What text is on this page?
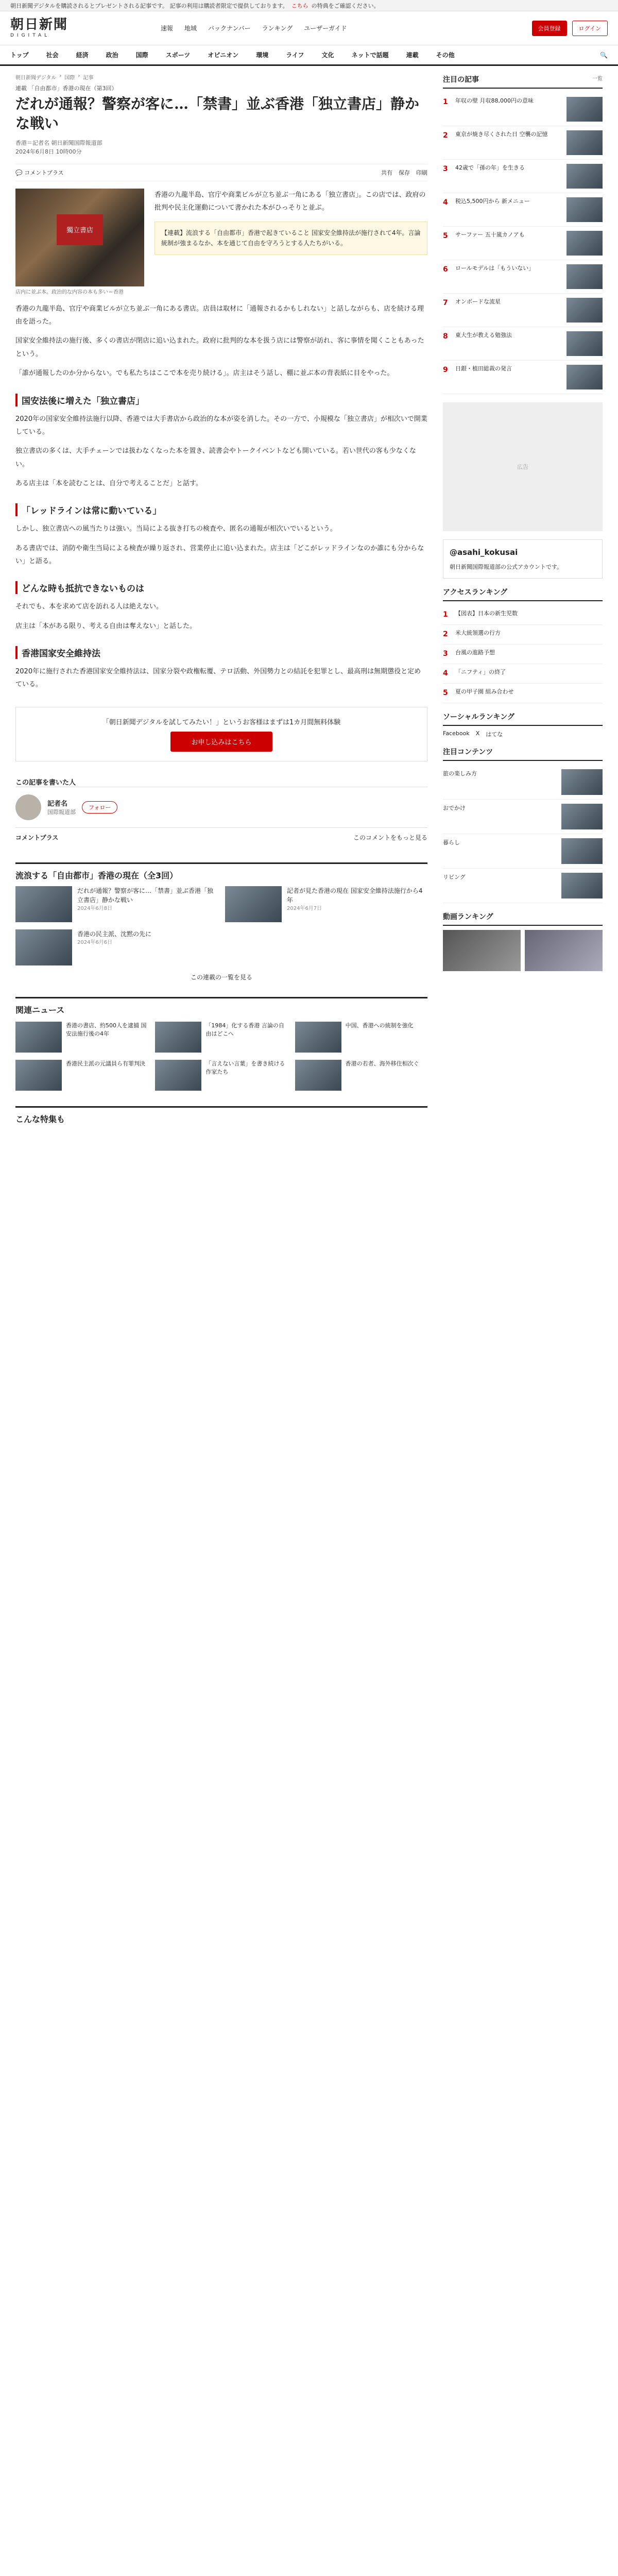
朝日新聞デジタルを購読されるとプレゼントされる記事です。 記事の利用は購読者限定で提供しております。 こちら の特典をご確認ください。
朝日新聞
DIGITAL
速報 地域 バックナンバー ランキング ユーザーガイド	会員登録	ログイン
トップ	社会	経済	政治	国際	スポーツ	オピニオン	環境	ライフ	文化	ネットで話題	連載	その他	🔍
朝日新聞デジタル › 国際 › 記事
連載 「自由都市」香港の現在（第3回）
だれが通報？警察が客に…「禁書」並ぶ香港「独立書店」静かな戦い
香港＝記者名 朝日新聞国際報道部
2024年6月8日 10時00分
💬 コメントプラス	共有 保存 印刷
獨立書店
店内に並ぶ本。政治的な内容の本も多い＝香港

香港の九龍半島、官庁や商業ビルが立ち並ぶ一角にある「独立書店」。この店では、政府の批判や民主化運動について書かれた本がひっそりと並ぶ。

【連載】流浪する「自由都市」香港で起きていること 国家安全維持法が施行されて4年。言論統制が強まるなか、本を通じて自由を守ろうとする人たちがいる。

香港の九龍半島、官庁や商業ビルが立ち並ぶ一角にある書店。店員は取材に「通報されるかもしれない」と話しながらも、店を続ける理由を語った。

国家安全維持法の施行後、多くの書店が閉店に追い込まれた。政府に批判的な本を扱う店には警察が訪れ、客に事情を聞くこともあったという。

「誰が通報したのか分からない。でも私たちはここで本を売り続ける」。店主はそう話し、棚に並ぶ本の背表紙に目をやった。

国安法後に増えた「独立書店」

2020年の国家安全維持法施行以降、香港では大手書店から政治的な本が姿を消した。その一方で、小規模な「独立書店」が相次いで開業している。

独立書店の多くは、大手チェーンでは扱わなくなった本を置き、読書会やトークイベントなども開いている。若い世代の客も少なくない。

ある店主は「本を読むことは、自分で考えることだ」と話す。

「レッドラインは常に動いている」

しかし、独立書店への風当たりは強い。当局による抜き打ちの検査や、匿名の通報が相次いでいるという。

ある書店では、消防や衛生当局による検査が繰り返され、営業停止に追い込まれた。店主は「どこがレッドラインなのか誰にも分からない」と語る。

どんな時も抵抗できないものは

それでも、本を求めて店を訪れる人は絶えない。

店主は「本がある限り、考える自由は奪えない」と話した。

香港国家安全維持法

2020年に施行された香港国家安全維持法は、国家分裂や政権転覆、テロ活動、外国勢力との結託を犯罪とし、最高刑は無期懲役と定めている。

「朝日新聞デジタルを試してみたい！」というお客様はまずは1カ月間無料体験
お申し込みはこちら
この記事を書いた人
記者名
国際報道部
フォロー
コメントプラス	このコメントをもっと見る
流浪する「自由都市」香港の現在（全3回）
だれが通報？警察が客に…「禁書」並ぶ香港「独立書店」静かな戦い
2024年6月8日
記者が見た香港の現在 国家安全維持法施行から4年
2024年6月7日
香港の民主派、沈黙の先に
2024年6月6日
この連載の一覧を見る
関連ニュース
香港の書店、約500人を逮捕 国安法施行後の4年
「1984」化する香港 言論の自由はどこへ
中国、香港への統制を強化
香港民主派の元議員ら有罪判決	「言えない言葉」を書き続ける作家たち
香港の若者、海外移住相次ぐ
こんな特集も
注目の記事	一覧
1	年収の壁 月収88,000円の意味
2	東京が焼き尽くされた日 空襲の記憶
3	42歳で「孫の年」を生きる
4	税込5,500円から 新メニュー
5	サーファー 五十嵐カノアも
6	ロールモデルは「もういない」
7	オンボードな流星
8	東大生が教える勉強法
9	日銀・植田総裁の発言
広告
@asahi_kokusai
朝日新聞国際報道部の公式アカウントです。
アクセスランキング
1	【図表】日本の新生児数
2	米大統領選の行方
3	台風の進路予想
4	「ニフティ」の終了
5	夏の甲子園 組み合わせ
ソーシャルランキング
Facebook X はてな
注目コンテンツ
旅の楽しみ方
おでかけ
暮らし
リビング
動画ランキング
